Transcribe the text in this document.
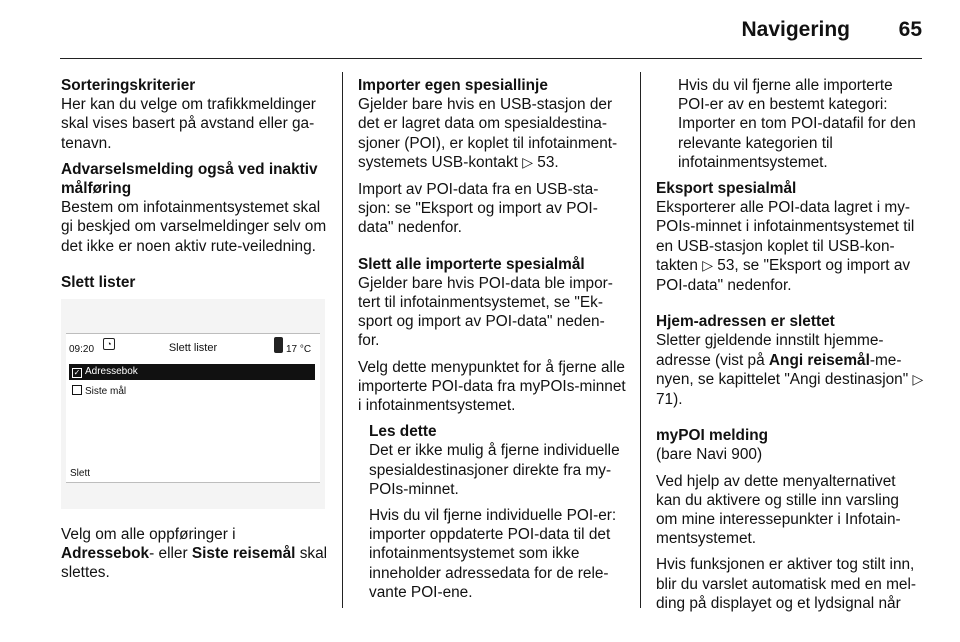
Navigering 65
Sorteringskriterier
Her kan du velge om trafikkmeldinger skal vises basert på avstand eller ga-tenavn.
Advarselsmelding også ved inaktiv målføring
Bestem om infotainmentsystemet skal gi beskjed om varselmeldinger selv om det ikke er noen aktiv rute-veiledning.
Slett lister
09:20	◔	Slett lister	17 °C
✓ Adressebok
Siste mål
Slett
Velg om alle oppføringer i Adressebok- eller Siste reisemål skal slettes.
Importer egen spesiallinje
Gjelder bare hvis en USB-stasjon der det er lagret data om spesialdestina-sjoner (POI), er koplet til infotainment-systemets USB-kontakt ▷ 53.
Import av POI-data fra en USB-sta-sjon: se "Eksport og import av POI-data" nedenfor.
Slett alle importerte spesialmål
Gjelder bare hvis POI-data ble impor-tert til infotainmentsystemet, se "Ek-sport og import av POI-data" neden-for.
Velg dette menypunktet for å fjerne alle importerte POI-data fra myPOIs-minnet i infotainmentsystemet.
Les dette
Det er ikke mulig å fjerne individuelle spesialdestinasjoner direkte fra my-POIs-minnet.
Hvis du vil fjerne individuelle POI-er: importer oppdaterte POI-data til det infotainmentsystemet som ikke inneholder adressedata for de rele-vante POI-ene.
Hvis du vil fjerne alle importerte POI-er av en bestemt kategori: Importer en tom POI-datafil for den relevante kategorien til infotainmentsystemet.
Eksport spesialmål
Eksporterer alle POI-data lagret i my-POIs-minnet i infotainmentsystemet til en USB-stasjon koplet til USB-kon-takten ▷ 53, se "Eksport og import av POI-data" nedenfor.
Hjem-adressen er slettet
Sletter gjeldende innstilt hjemme-adresse (vist på Angi reisemål-me-nyen, se kapittelet "Angi destinasjon" ▷ 71).
myPOI melding
(bare Navi 900)
Ved hjelp av dette menyalternativet kan du aktivere og stille inn varsling om mine interessepunkter i Infotain-mentsystemet.
Hvis funksjonen er aktiver tog stilt inn, blir du varslet automatisk med en mel-ding på displayet og et lydsignal når
